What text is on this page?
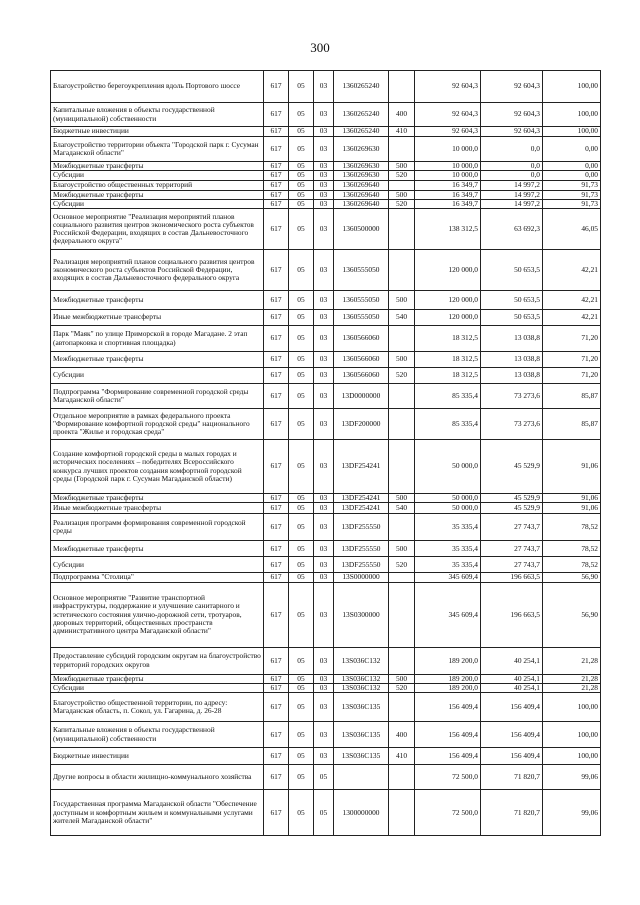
300
Благоустройство берегоукрепления вдоль Портового шоссе	617	05	03	1360265240		92 604,3	92 604,3	100,00
Капитальные вложения в объекты государственной (муниципальной) собственности	617	05	03	1360265240	400	92 604,3	92 604,3	100,00
Бюджетные инвестиции	617	05	03	1360265240	410	92 604,3	92 604,3	100,00
Благоустройство территории объекта "Городской парк г. Сусуман Магаданской области"	617	05	03	1360269630		10 000,0	0,0	0,00
Межбюджетные трансферты	617	05	03	1360269630	500	10 000,0	0,0	0,00
Субсидии	617	05	03	1360269630	520	10 000,0	0,0	0,00
Благоустройство общественных территорий	617	05	03	1360269640		16 349,7	14 997,2	91,73
Межбюджетные трансферты	617	05	03	1360269640	500	16 349,7	14 997,2	91,73
Субсидии	617	05	03	1360269640	520	16 349,7	14 997,2	91,73
Основное мероприятие "Реализация мероприятий планов социального развития центров экономического роста субъектов Российской Федерации, входящих в состав Дальневосточного федерального округа"	617	05	03	1360500000		138 312,5	63 692,3	46,05
Реализация мероприятий планов социального развития центров экономического роста субъектов Российской Федерации, входящих в состав Дальневосточного федерального округа	617	05	03	1360555050		120 000,0	50 653,5	42,21
Межбюджетные трансферты	617	05	03	1360555050	500	120 000,0	50 653,5	42,21
Иные межбюджетные трансферты	617	05	03	1360555050	540	120 000,0	50 653,5	42,21
Парк "Маяк" по улице Приморской в городе Магадане. 2 этап (автопарковка и спортивная площадка)	617	05	03	1360566060		18 312,5	13 038,8	71,20
Межбюджетные трансферты	617	05	03	1360566060	500	18 312,5	13 038,8	71,20
Субсидии	617	05	03	1360566060	520	18 312,5	13 038,8	71,20
Подпрограмма "Формирование современной городской среды Магаданской области"	617	05	03	13D0000000		85 335,4	73 273,6	85,87
Отдельное мероприятие в рамках федерального проекта "Формирование комфортной городской среды" национального проекта "Жилье и городская среда"	617	05	03	13DF200000		85 335,4	73 273,6	85,87
Создание комфортной городской среды в малых городах и исторических поселениях – победителях Всероссийского конкурса лучших проектов создания комфортной городской среды (Городской парк г. Сусуман Магаданской области)	617	05	03	13DF254241		50 000,0	45 529,9	91,06
Межбюджетные трансферты	617	05	03	13DF254241	500	50 000,0	45 529,9	91,06
Иные межбюджетные трансферты	617	05	03	13DF254241	540	50 000,0	45 529,9	91,06
Реализация программ формирования современной городской среды	617	05	03	13DF255550		35 335,4	27 743,7	78,52
Межбюджетные трансферты	617	05	03	13DF255550	500	35 335,4	27 743,7	78,52
Субсидии	617	05	03	13DF255550	520	35 335,4	27 743,7	78,52
Подпрограмма "Столица"	617	05	03	13S0000000		345 609,4	196 663,5	56,90
Основное мероприятие "Развитие транспортной инфраструктуры, поддержание и улучшение санитарного и эстетического состояния улично-дорожной сети, тротуаров, дворовых территорий, общественных пространств административного центра Магаданской области"	617	05	03	13S0300000		345 609,4	196 663,5	56,90
Предоставление субсидий городским округам на благоустройство территорий городских округов	617	05	03	13S036C132		189 200,0	40 254,1	21,28
Межбюджетные трансферты	617	05	03	13S036C132	500	189 200,0	40 254,1	21,28
Субсидии	617	05	03	13S036C132	520	189 200,0	40 254,1	21,28
Благоустройство общественной территории, по адресу: Магаданская область, п. Сокол, ул. Гагарина, д. 26-28	617	05	03	13S036C135		156 409,4	156 409,4	100,00
Капитальные вложения в объекты государственной (муниципальной) собственности	617	05	03	13S036C135	400	156 409,4	156 409,4	100,00
Бюджетные инвестиции	617	05	03	13S036C135	410	156 409,4	156 409,4	100,00
Другие вопросы в области жилищно-коммунального хозяйства	617	05	05			72 500,0	71 820,7	99,06
Государственная программа Магаданской области "Обеспечение доступным и комфортным жильем и коммунальными услугами жителей Магаданской области"	617	05	05	1300000000		72 500,0	71 820,7	99,06
